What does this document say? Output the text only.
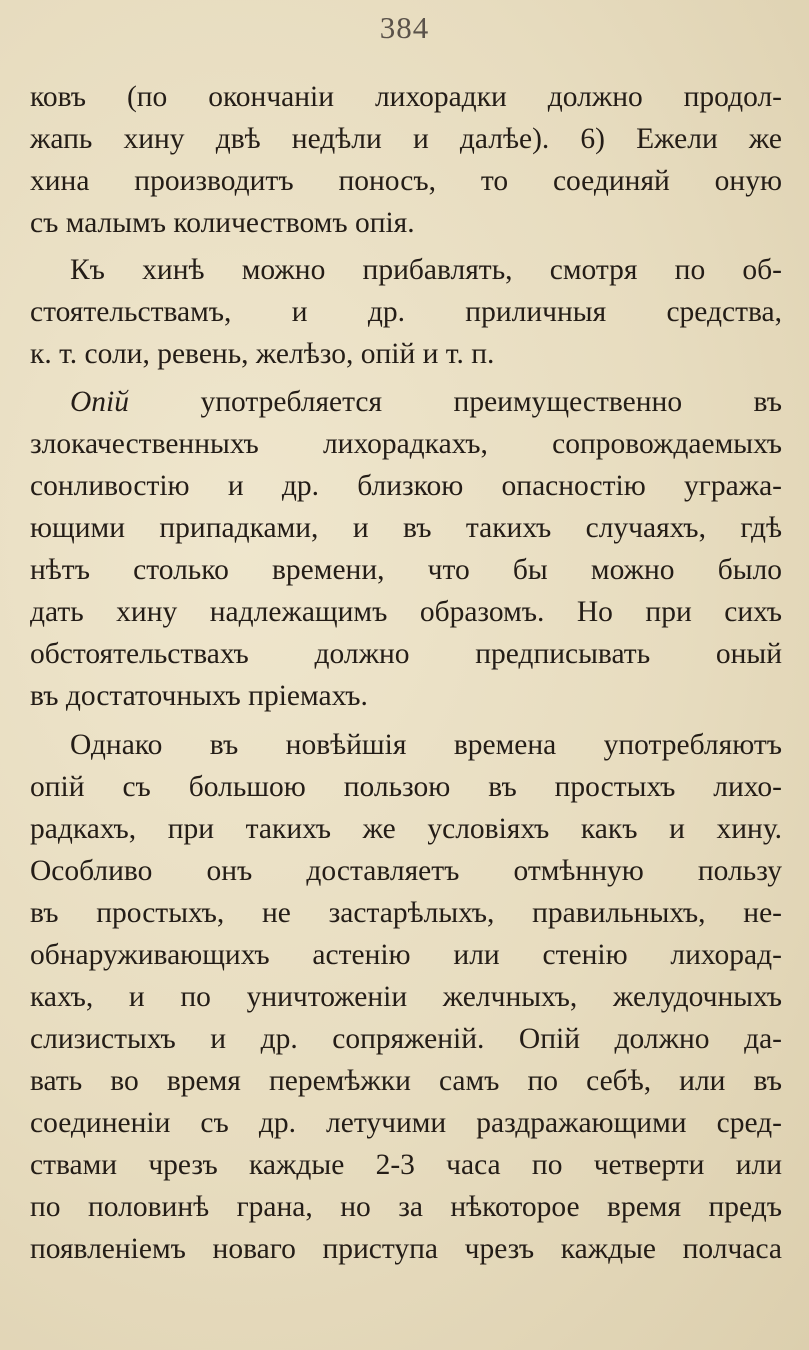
384
ковъ (по окончаніи лихорадки должно продол-
жапь хину двѣ недѣли и далѣе). 6) Ежели же
хина производитъ поносъ, то соединяй оную
съ малымъ количествомъ опія.
Къ хинѣ можно прибавлять, смотря по об-
стоятельствамъ, и др. приличныя средства,
к. т. соли, ревень, желѣзо, опій и т. п.
Опій употребляется преимущественно въ
злокачественныхъ лихорадкахъ, сопровождаемыхъ
сонливостію и др. близкою опасностію угража-
ющими припадками, и въ такихъ случаяхъ, гдѣ
нѣтъ столько времени, что бы можно было
дать хину надлежащимъ образомъ. Но при сихъ
обстоятельствахъ должно предписывать оный
въ достаточныхъ пріемахъ.
Однако въ новѣйшія времена употребляютъ
опій съ большою пользою въ простыхъ лихо-
радкахъ, при такихъ же условіяхъ какъ и хину.
Особливо онъ доставляетъ отмѣнную пользу
въ простыхъ, не застарѣлыхъ, правильныхъ, не-
обнаруживающихъ астенію или стенію лихорад-
кахъ, и по уничтоженіи желчныхъ, желудочныхъ
слизистыхъ и др. сопряженій. Опій должно да-
вать во время перемѣжки самъ по себѣ, или въ
соединеніи съ др. летучими раздражающими сред-
ствами чрезъ каждые 2-3 часа по четверти или
по половинѣ грана, но за нѣкоторое время предъ
появленіемъ новаго приступа чрезъ каждые полчаса
